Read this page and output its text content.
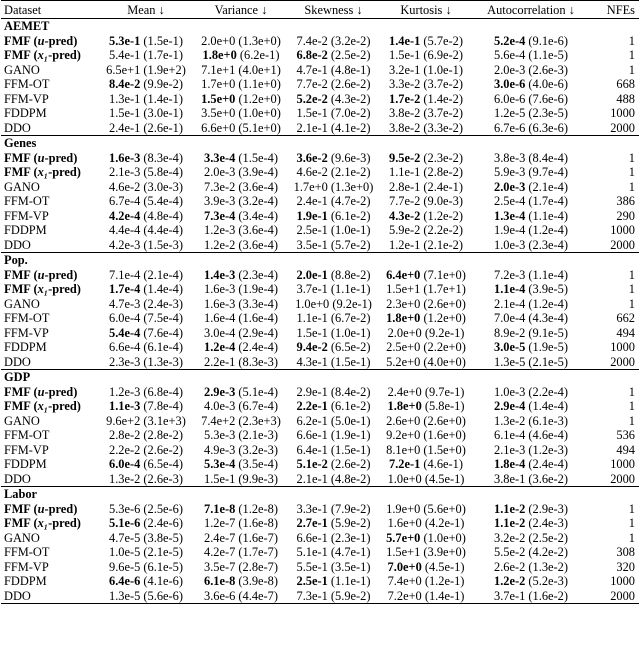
Dataset	Mean ↓	Variance ↓	Skewness ↓	Kurtosis ↓	Autocorrelation ↓	NFEs
AEMET						
FMF (u-pred)	5.3e-1 (1.5e-1)	2.0e+0 (1.3e+0)	7.4e-2 (3.2e-2)	1.4e-1 (5.7e-2)	5.2e-4 (9.1e-6)	1
FMF (x₁-pred)	5.4e-1 (1.7e-1)	1.8e+0 (6.2e-1)	6.8e-2 (2.5e-2)	1.5e-1 (6.9e-2)	5.6e-4 (1.1e-5)	1
GANO	6.5e+1 (1.9e+2)	7.1e+1 (4.0e+1)	4.7e-1 (4.8e-1)	3.2e-1 (1.0e-1)	2.0e-3 (2.6e-3)	1
FFM-OT	8.4e-2 (9.9e-2)	1.7e+0 (1.1e+0)	7.7e-2 (2.6e-2)	3.3e-2 (3.7e-2)	3.0e-6 (4.0e-6)	668
FFM-VP	1.3e-1 (1.4e-1)	1.5e+0 (1.2e+0)	5.2e-2 (4.3e-2)	1.7e-2 (1.4e-2)	6.0e-6 (7.6e-6)	488
FDDPM	1.5e-1 (3.0e-1)	3.5e+0 (1.0e+0)	1.5e-1 (7.0e-2)	3.8e-2 (3.7e-2)	1.2e-5 (2.3e-5)	1000
DDO	2.4e-1 (2.6e-1)	6.6e+0 (5.1e+0)	2.1e-1 (4.1e-2)	3.8e-2 (3.3e-2)	6.7e-6 (6.3e-6)	2000
Genes						
FMF (u-pred)	1.6e-3 (8.3e-4)	3.3e-4 (1.5e-4)	3.6e-2 (9.6e-3)	9.5e-2 (2.3e-2)	3.8e-3 (8.4e-4)	1
FMF (x₁-pred)	2.1e-3 (5.8e-4)	2.0e-3 (3.9e-4)	4.6e-2 (2.1e-2)	1.1e-1 (2.8e-2)	5.9e-3 (9.7e-4)	1
GANO	4.6e-2 (3.0e-3)	7.3e-2 (3.6e-4)	1.7e+0 (1.3e+0)	2.8e-1 (2.4e-1)	2.0e-3 (2.1e-4)	1
FFM-OT	6.7e-4 (5.4e-4)	3.9e-3 (3.2e-4)	2.4e-1 (4.7e-2)	7.7e-2 (9.0e-3)	2.5e-4 (1.7e-4)	386
FFM-VP	4.2e-4 (4.8e-4)	7.3e-4 (3.4e-4)	1.9e-1 (6.1e-2)	4.3e-2 (1.2e-2)	1.3e-4 (1.1e-4)	290
FDDPM	4.4e-4 (4.4e-4)	1.2e-3 (3.6e-4)	2.5e-1 (1.0e-1)	5.9e-2 (2.2e-2)	1.9e-4 (1.2e-4)	1000
DDO	4.2e-3 (1.5e-3)	1.2e-2 (3.6e-4)	3.5e-1 (5.7e-2)	1.2e-1 (2.1e-2)	1.0e-3 (2.3e-4)	2000
Pop.						
FMF (u-pred)	7.1e-4 (2.1e-4)	1.4e-3 (2.3e-4)	2.0e-1 (8.8e-2)	6.4e+0 (7.1e+0)	7.2e-3 (1.1e-4)	1
FMF (x₁-pred)	1.7e-4 (1.4e-4)	1.6e-3 (1.9e-4)	3.7e-1 (1.1e-1)	1.5e+1 (1.7e+1)	1.1e-4 (3.9e-5)	1
GANO	4.7e-3 (2.4e-3)	1.6e-3 (3.3e-4)	1.0e+0 (9.2e-1)	2.3e+0 (2.6e+0)	2.1e-4 (1.2e-4)	1
FFM-OT	6.0e-4 (7.5e-4)	1.6e-4 (1.6e-4)	1.1e-1 (6.7e-2)	1.8e+0 (1.2e+0)	7.0e-4 (4.3e-4)	662
FFM-VP	5.4e-4 (7.6e-4)	3.0e-4 (2.9e-4)	1.5e-1 (1.0e-1)	2.0e+0 (9.2e-1)	8.9e-2 (9.1e-5)	494
FDDPM	6.6e-4 (6.1e-4)	1.2e-4 (2.4e-4)	9.4e-2 (6.5e-2)	2.5e+0 (2.2e+0)	3.0e-5 (1.9e-5)	1000
DDO	2.3e-3 (1.3e-3)	2.2e-1 (8.3e-3)	4.3e-1 (1.5e-1)	5.2e+0 (4.0e+0)	1.3e-5 (2.1e-5)	2000
GDP						
FMF (u-pred)	1.2e-3 (6.8e-4)	2.9e-3 (5.1e-4)	2.9e-1 (8.4e-2)	2.4e+0 (9.7e-1)	1.0e-3 (2.2e-4)	1
FMF (x₁-pred)	1.1e-3 (7.8e-4)	4.0e-3 (6.7e-4)	2.2e-1 (6.1e-2)	1.8e+0 (5.8e-1)	2.9e-4 (1.4e-4)	1
GANO	9.6e+2 (3.1e+3)	7.4e+2 (2.3e+3)	6.2e-1 (5.0e-1)	2.6e+0 (2.6e+0)	1.3e-2 (6.1e-3)	1
FFM-OT	2.8e-2 (2.8e-2)	5.3e-3 (2.1e-3)	6.6e-1 (1.9e-1)	9.2e+0 (1.6e+0)	6.1e-4 (4.6e-4)	536
FFM-VP	2.2e-2 (2.6e-2)	4.9e-3 (3.2e-3)	6.4e-1 (1.5e-1)	8.1e+0 (1.5e+0)	2.1e-3 (1.2e-3)	494
FDDPM	6.0e-4 (6.5e-4)	5.3e-4 (3.5e-4)	5.1e-2 (2.6e-2)	7.2e-1 (4.6e-1)	1.8e-4 (2.4e-4)	1000
DDO	1.3e-2 (2.6e-3)	1.5e-1 (9.9e-3)	2.1e-1 (4.8e-2)	1.0e+0 (4.5e-1)	3.8e-1 (3.6e-2)	2000
Labor						
FMF (u-pred)	5.3e-6 (2.5e-6)	7.1e-8 (1.2e-8)	3.3e-1 (7.9e-2)	1.9e+0 (5.6e+0)	1.1e-2 (2.9e-3)	1
FMF (x₁-pred)	5.1e-6 (2.4e-6)	1.2e-7 (1.6e-8)	2.7e-1 (5.9e-2)	1.6e+0 (4.2e-1)	1.1e-2 (2.4e-3)	1
GANO	4.7e-5 (3.8e-5)	2.4e-7 (1.6e-7)	6.6e-1 (2.3e-1)	5.7e+0 (1.0e+0)	3.2e-2 (2.5e-2)	1
FFM-OT	1.0e-5 (2.1e-5)	4.2e-7 (1.7e-7)	5.1e-1 (4.7e-1)	1.5e+1 (3.9e+0)	5.5e-2 (4.2e-2)	308
FFM-VP	9.6e-5 (6.1e-5)	3.5e-7 (2.8e-7)	5.5e-1 (3.5e-1)	7.0e+0 (4.5e-1)	2.6e-2 (1.3e-2)	320
FDDPM	6.4e-6 (4.1e-6)	6.1e-8 (3.9e-8)	2.5e-1 (1.1e-1)	7.4e+0 (1.2e-1)	1.2e-2 (5.2e-3)	1000
DDO	1.3e-5 (5.6e-6)	3.6e-6 (4.4e-7)	7.3e-1 (5.9e-2)	7.2e+0 (1.4e-1)	3.7e-1 (1.6e-2)	2000
